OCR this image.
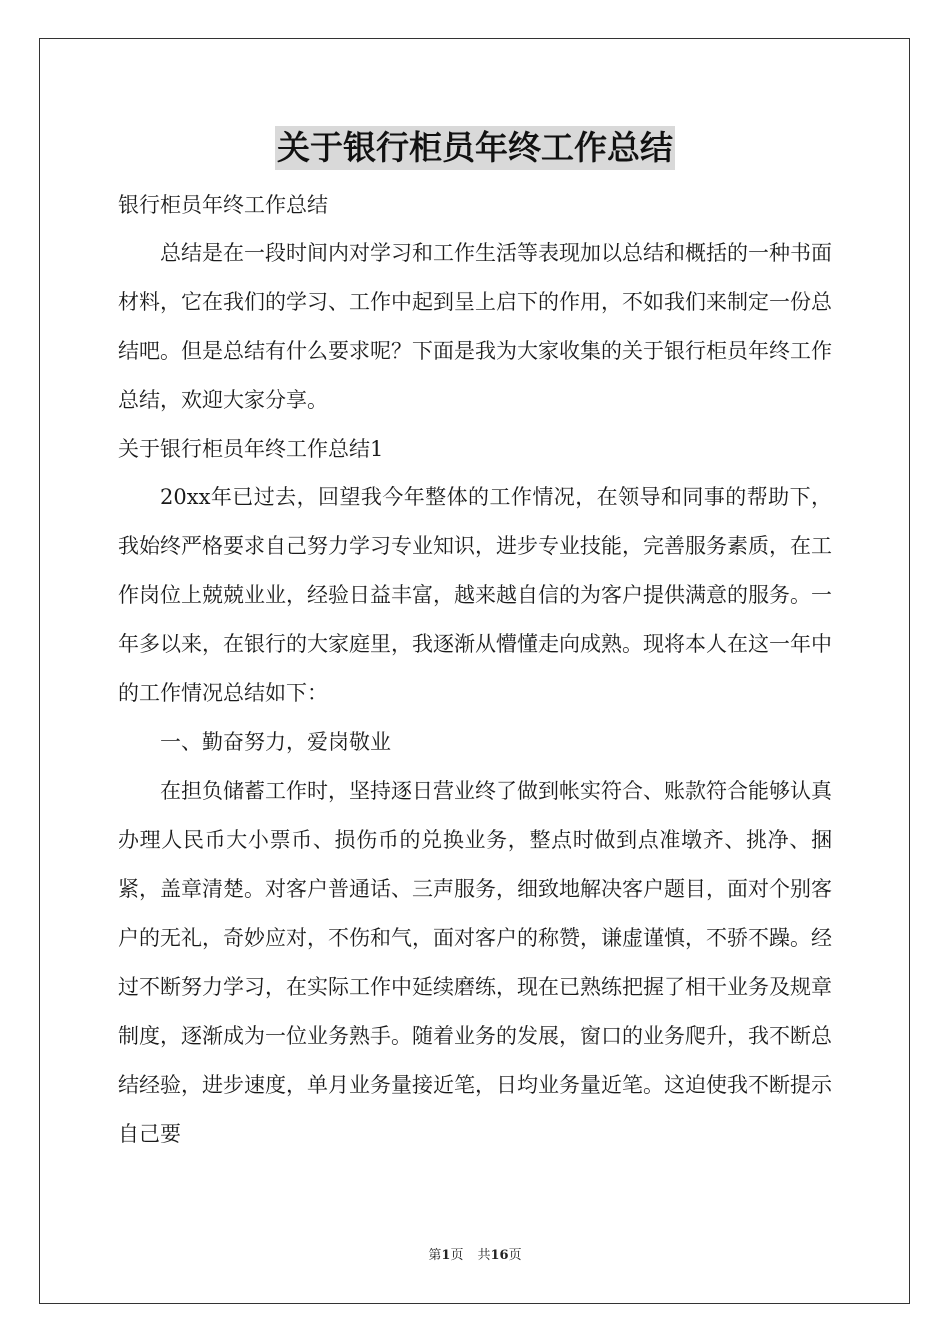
关于银行柜员年终工作总结

银行柜员年终工作总结

总结是在一段时间内对学习和工作生活等表现加以总结和概括的一种书面材料，它在我们的学习、工作中起到呈上启下的作用，不如我们来制定一份总结吧。但是总结有什么要求呢？下面是我为大家收集的关于银行柜员年终工作总结，欢迎大家分享。

关于银行柜员年终工作总结1

20xx年已过去，回望我今年整体的工作情况，在领导和同事的帮助下，我始终严格要求自己努力学习专业知识，进步专业技能，完善服务素质，在工作岗位上兢兢业业，经验日益丰富，越来越自信的为客户提供满意的服务。一年多以来，在银行的大家庭里，我逐渐从懵懂走向成熟。现将本人在这一年中的工作情况总结如下：

一、勤奋努力，爱岗敬业

在担负储蓄工作时，坚持逐日营业终了做到帐实符合、账款符合能够认真办理人民币大小票币、损伤币的兑换业务，整点时做到点准墩齐、挑净、捆紧，盖章清楚。对客户普通话、三声服务，细致地解决客户题目，面对个别客户的无礼，奇妙应对，不伤和气，面对客户的称赞，谦虚谨慎，不骄不躁。经过不断努力学习，在实际工作中延续磨练，现在已熟练把握了相干业务及规章制度，逐渐成为一位业务熟手。随着业务的发展，窗口的业务爬升，我不断总结经验，进步速度，单月业务量接近笔，日均业务量近笔。这迫使我不断提示自己要

第1页 共16页
